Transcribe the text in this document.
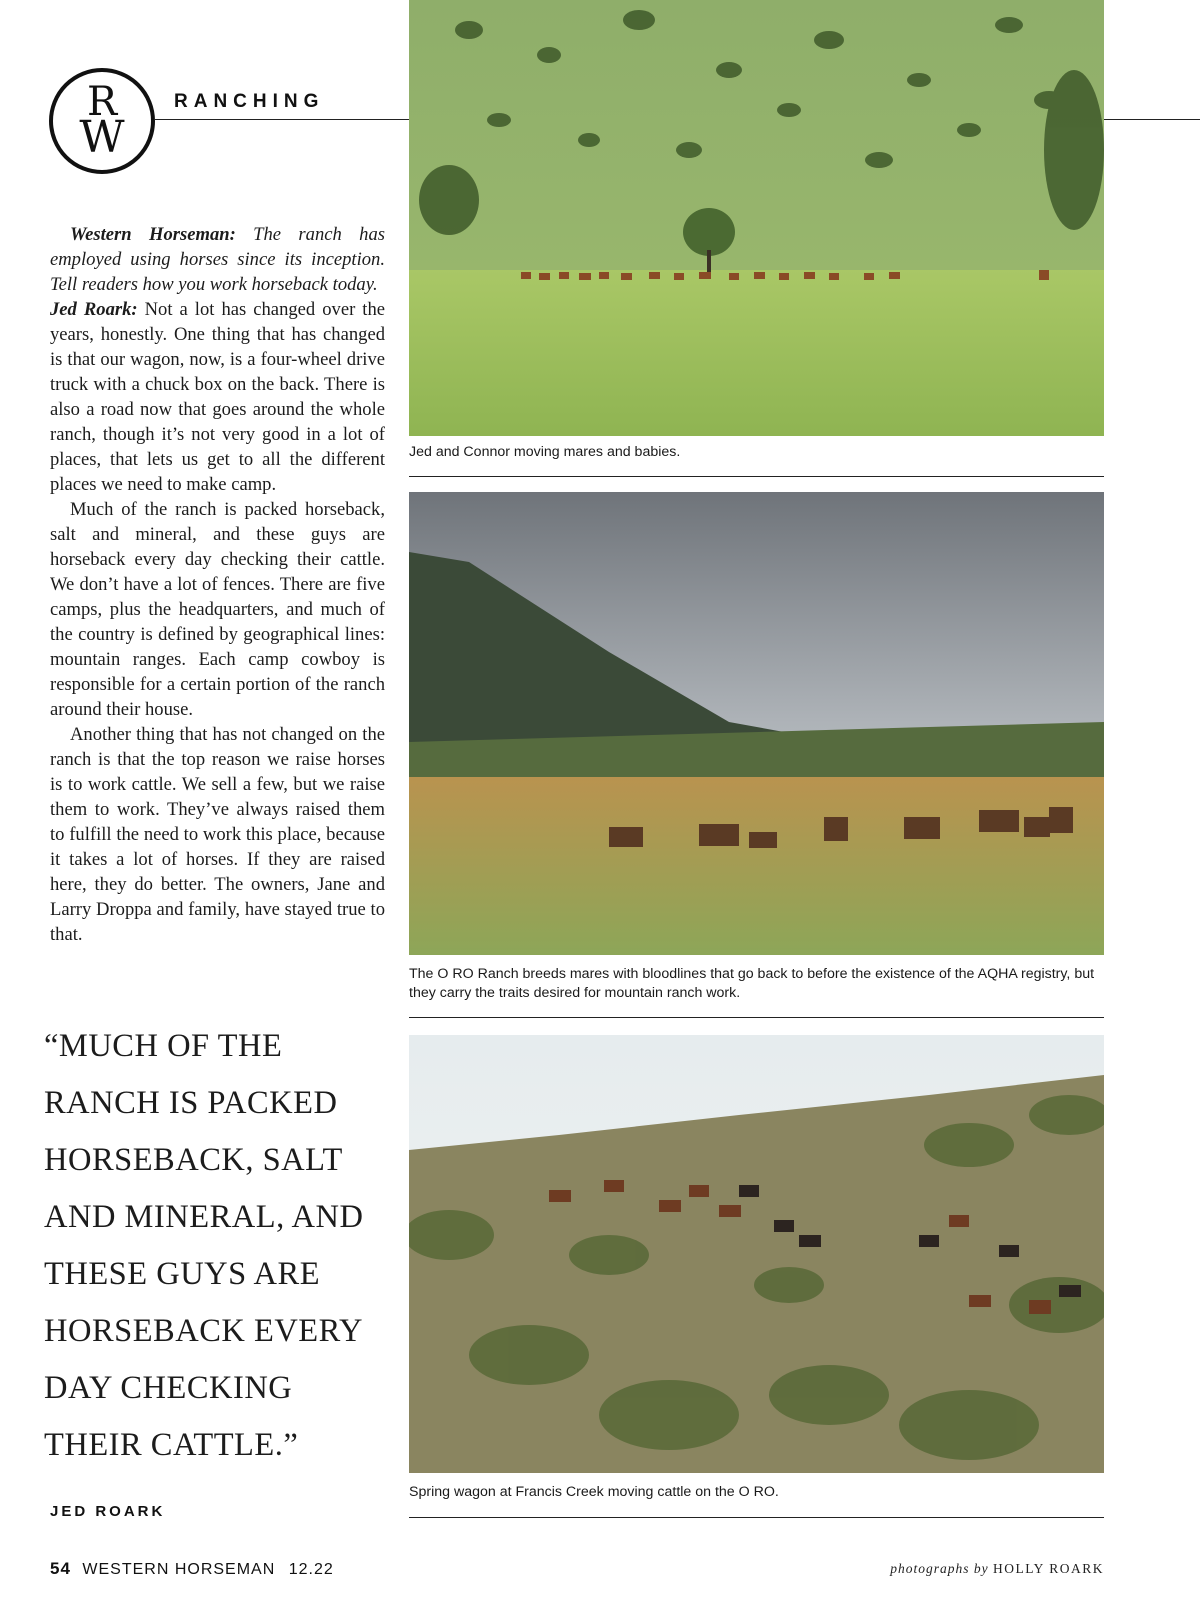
R
W
RANCHING

Western Horseman: The ranch has employed using horses since its inception. Tell readers how you work horseback today.

Jed Roark: Not a lot has changed over the years, honestly. One thing that has changed is that our wagon, now, is a four-wheel drive truck with a chuck box on the back. There is also a road now that goes around the whole ranch, though it’s not very good in a lot of places, that lets us get to all the different places we need to make camp.

Much of the ranch is packed horseback, salt and mineral, and these guys are horseback every day checking their cattle. We don’t have a lot of fences. There are five camps, plus the headquarters, and much of the country is defined by geographical lines: mountain ranges. Each camp cowboy is responsible for a certain portion of the ranch around their house.

Another thing that has not changed on the ranch is that the top reason we raise horses is to work cattle. We sell a few, but we raise them to work. They’ve always raised them to fulfill the need to work this place, because it takes a lot of horses. If they are raised here, they do better. The owners, Jane and Larry Droppa and family, have stayed true to that.

“MUCH OF THE RANCH IS PACKED HORSEBACK, SALT AND MINERAL, AND THESE GUYS ARE HORSEBACK EVERY DAY CHECKING THEIR CATTLE.”
JED ROARK
Jed and Connor moving mares and babies.
The O RO Ranch breeds mares with bloodlines that go back to before the existence of the AQHA registry, but they carry the traits desired for mountain ranch work.
Spring wagon at Francis Creek moving cattle on the O RO.
54 WESTERN HORSEMAN 12.22	photographs by HOLLY ROARK
